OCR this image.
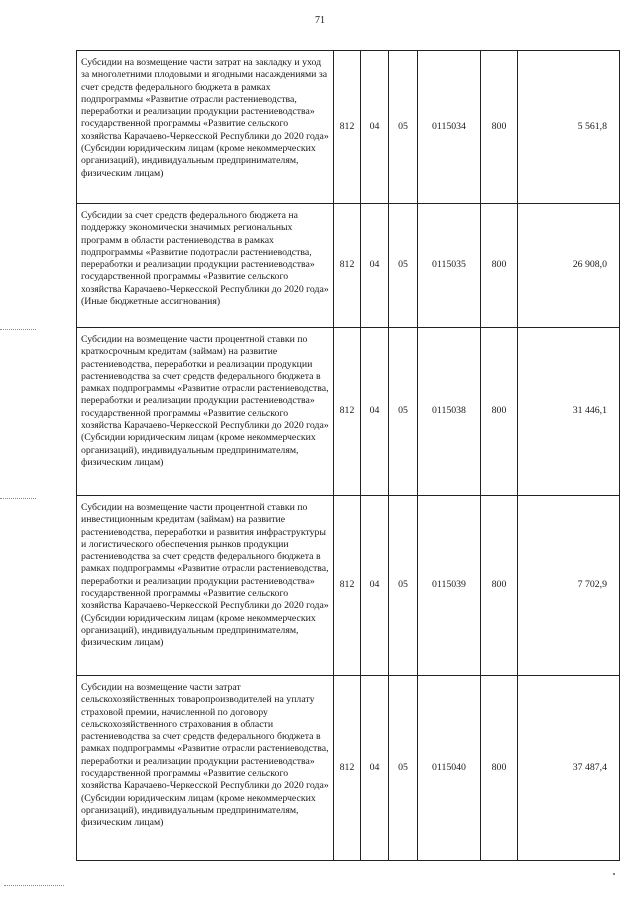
71
Субсидии на возмещение части затрат на закладку и уход за многолетними плодовыми и ягодными насаждениями за счет средств федерального бюджета в рамках подпрограммы «Развитие отрасли растениеводства, переработки и реализации продукции растениеводства» государственной программы «Развитие сельского хозяйства Карачаево-Черкесской Республики до 2020 года» (Субсидии юридическим лицам (кроме некоммерческих организаций), индивидуальным предпринимателям, физическим лицам)	812	04	05	0115034	800	5 561,8
Субсидии за счет средств федерального бюджета на поддержку экономически значимых региональных программ в области растениеводства в рамках подпрограммы «Развитие подотрасли растениеводства, переработки и реализации продукции растениеводства» государственной программы «Развитие сельского хозяйства Карачаево-Черкесской Республики до 2020 года» (Иные бюджетные ассигнования)	812	04	05	0115035	800	26 908,0
Субсидии на возмещение части процентной ставки по краткосрочным кредитам (займам) на развитие растениеводства, переработки и реализации продукции растениеводства за счет средств федерального бюджета в рамках подпрограммы «Развитие отрасли растениеводства, переработки и реализации продукции растениеводства» государственной программы «Развитие сельского хозяйства Карачаево-Черкесской Республики до 2020 года» (Субсидии юридическим лицам (кроме некоммерческих организаций), индивидуальным предпринимателям, физическим лицам)	812	04	05	0115038	800	31 446,1
Субсидии на возмещение части процентной ставки по инвестиционным кредитам (займам) на развитие растениеводства, переработки и развития инфраструктуры и логистического обеспечения рынков продукции растениеводства за счет средств федерального бюджета в рамках подпрограммы «Развитие отрасли растениеводства, переработки и реализации продукции растениеводства» государственной программы «Развитие сельского хозяйства Карачаево-Черкесской Республики до 2020 года» (Субсидии юридическим лицам (кроме некоммерческих организаций), индивидуальным предпринимателям, физическим лицам)	812	04	05	0115039	800	7 702,9
Субсидии на возмещение части затрат сельскохозяйственных товаропроизводителей на уплату страховой премии, начисленной по договору сельскохозяйственного страхования в области растениеводства за счет средств федерального бюджета в рамках подпрограммы «Развитие отрасли растениеводства, переработки и реализации продукции растениеводства» государственной программы «Развитие сельского хозяйства Карачаево-Черкесской Республики до 2020 года» (Субсидии юридическим лицам (кроме некоммерческих организаций), индивидуальным предпринимателям, физическим лицам)	812	04	05	0115040	800	37 487,4
